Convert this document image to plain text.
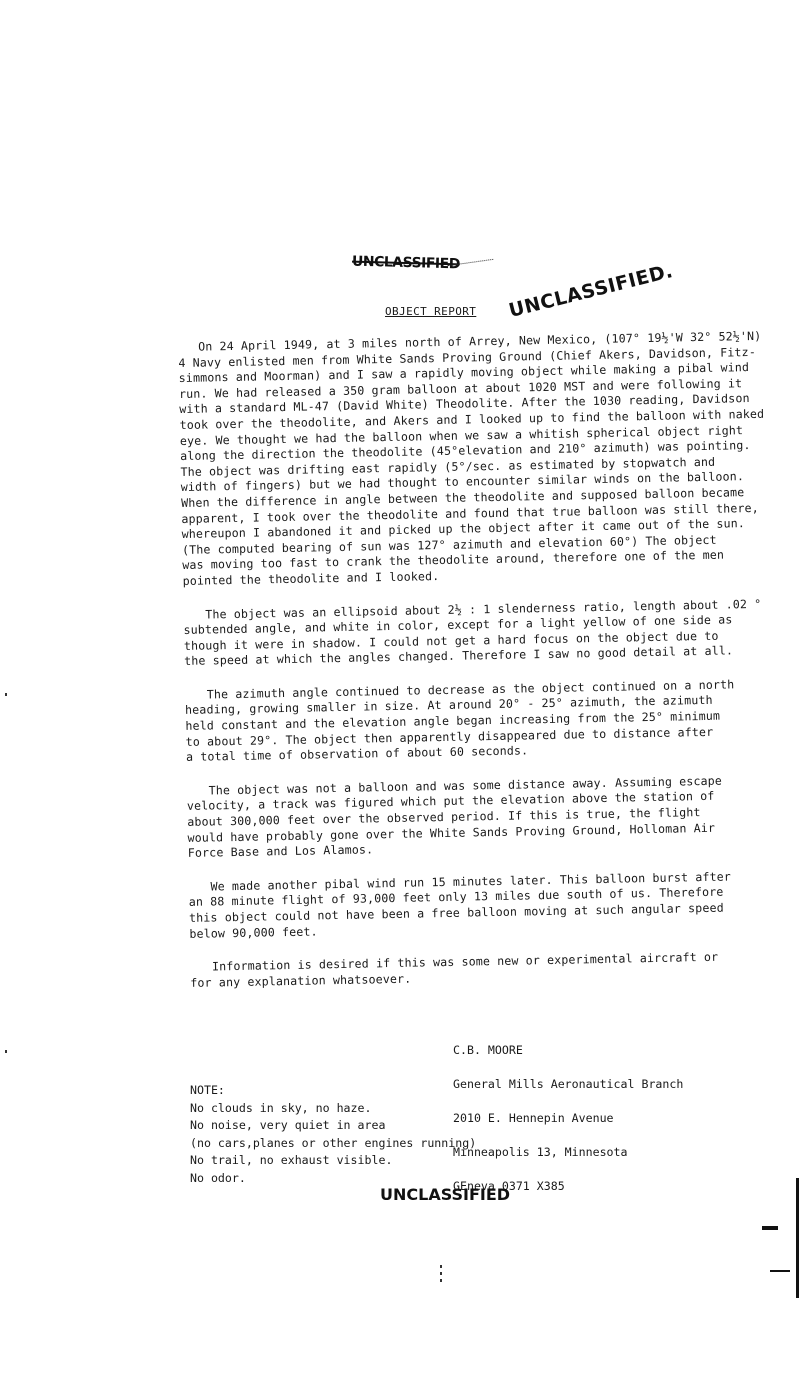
UNCLASSIFIED UNCLASSIFIED.
OBJECT REPORT

On 24 April 1949, at 3 miles north of Arrey, New Mexico, (107° 19½'W 32° 52½'N)
4 Navy enlisted men from White Sands Proving Ground (Chief Akers, Davidson, Fitz-
simmons and Moorman) and I saw a rapidly moving object while making a pibal wind
run. We had released a 350 gram balloon at about 1020 MST and were following it
with a standard ML-47 (David White) Theodolite. After the 1030 reading, Davidson
took over the theodolite, and Akers and I looked up to find the balloon with naked
eye. We thought we had the balloon when we saw a whitish spherical object right
along the direction the theodolite (45°elevation and 210° azimuth) was pointing.
The object was drifting east rapidly (5°/sec. as estimated by stopwatch and
width of fingers) but we had thought to encounter similar winds on the balloon.
When the difference in angle between the theodolite and supposed balloon became
apparent, I took over the theodolite and found that true balloon was still there,
whereupon I abandoned it and picked up the object after it came out of the sun.
(The computed bearing of sun was 127° azimuth and elevation 60°) The object
was moving too fast to crank the theodolite around, therefore one of the men
pointed the theodolite and I looked.

The object was an ellipsoid about 2½ : 1 slenderness ratio, length about .02 °
subtended angle, and white in color, except for a light yellow of one side as
though it were in shadow. I could not get a hard focus on the object due to
the speed at which the angles changed. Therefore I saw no good detail at all.

The azimuth angle continued to decrease as the object continued on a north
heading, growing smaller in size. At around 20° - 25° azimuth, the azimuth
held constant and the elevation angle began increasing from the 25° minimum
to about 29°. The object then apparently disappeared due to distance after
a total time of observation of about 60 seconds.

The object was not a balloon and was some distance away. Assuming escape
velocity, a track was figured which put the elevation above the station of
about 300,000 feet over the observed period. If this is true, the flight
would have probably gone over the White Sands Proving Ground, Holloman Air
Force Base and Los Alamos.

We made another pibal wind run 15 minutes later. This balloon burst after
an 88 minute flight of 93,000 feet only 13 miles due south of us. Therefore
this object could not have been a free balloon moving at such angular speed
below 90,000 feet.

Information is desired if this was some new or experimental aircraft or
for any explanation whatsoever.

C.B. MOORE

General Mills Aeronautical Branch

2010 E. Hennepin Avenue

Minneapolis 13, Minnesota

GEneva 0371 X385

NOTE:
No clouds in sky, no haze.
No noise, very quiet in area
(no cars,planes or other engines running)
No trail, no exhaust visible.
No odor.
UNCLASSIFIED
